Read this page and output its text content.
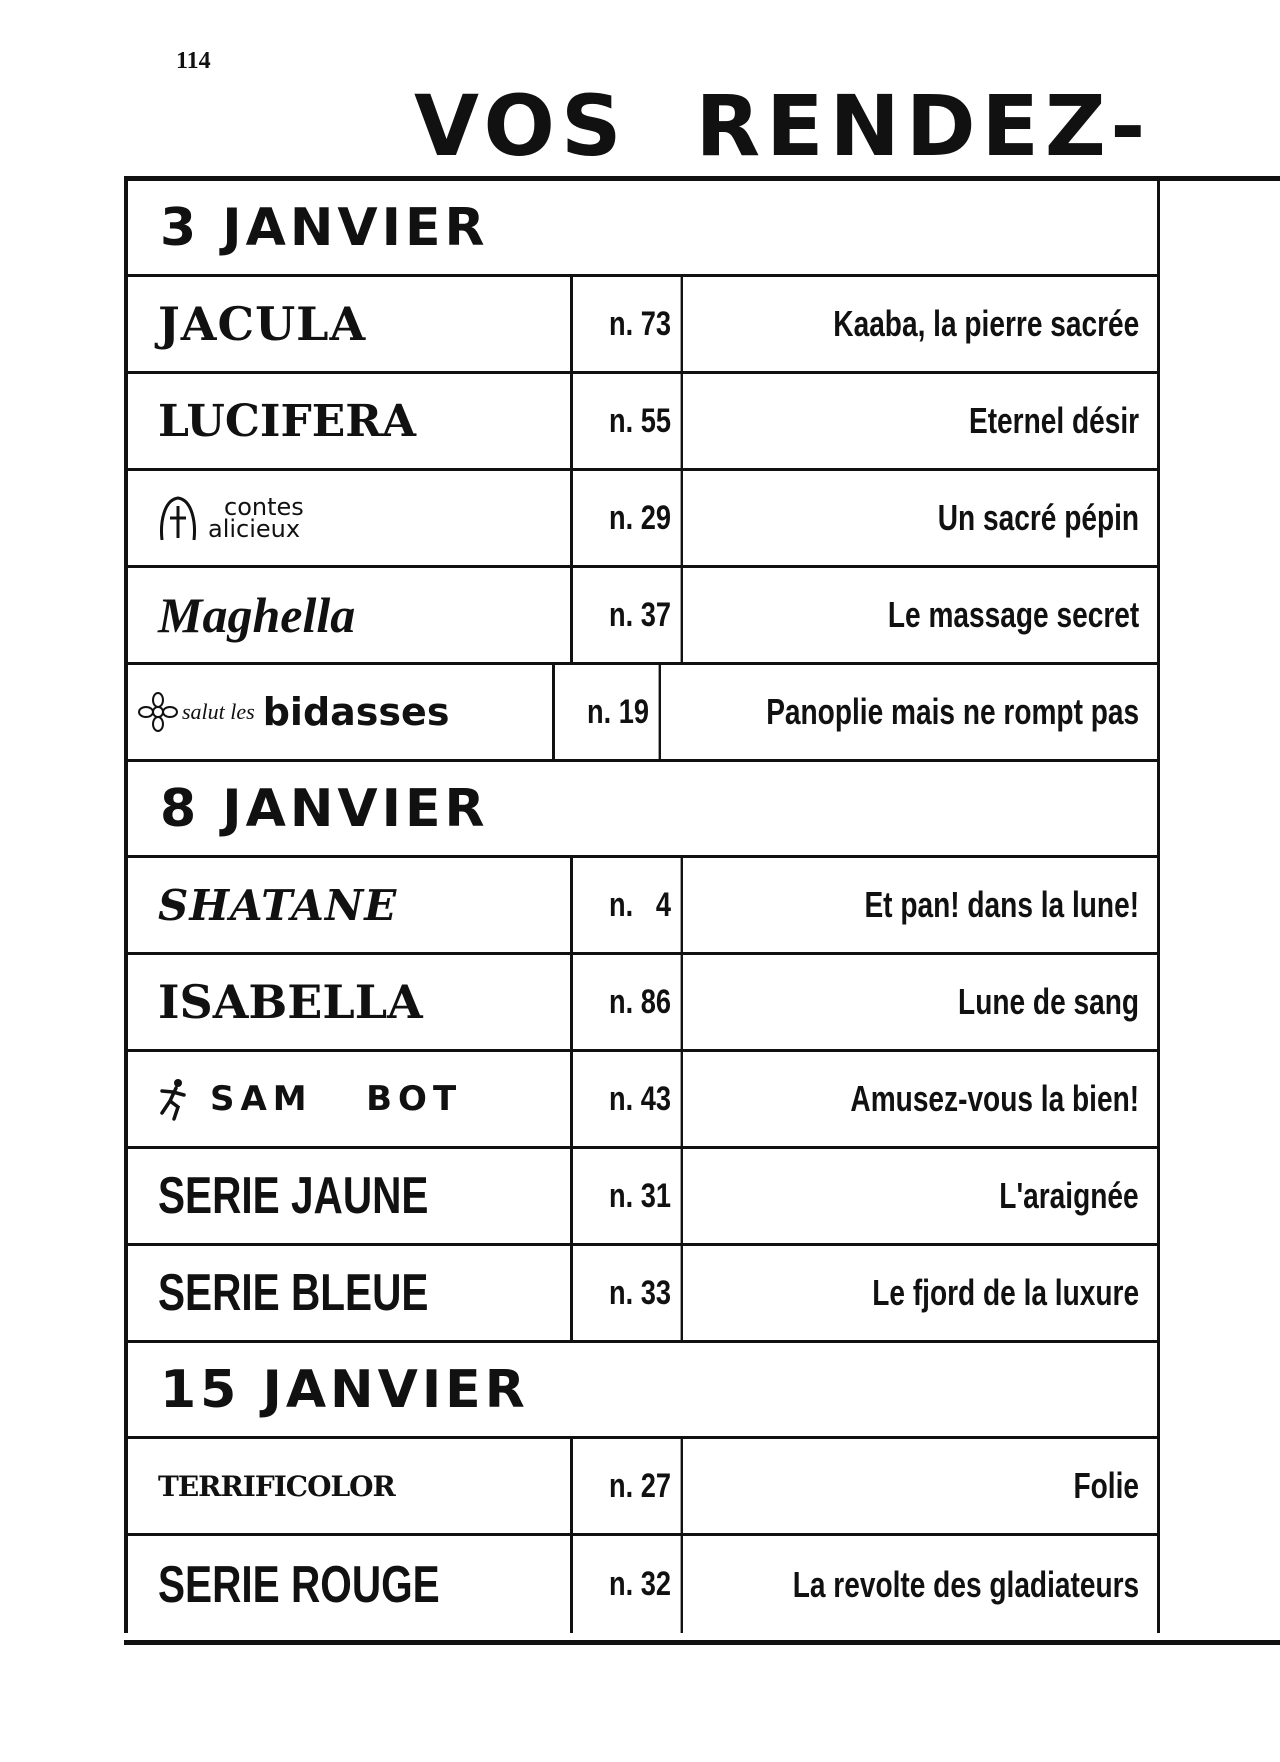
114
VOS RENDEZ-
3 JANVIER
JACULA	n. 73	Kaaba, la pierre sacrée
LUCIFERA	n. 55	Eternel désir
contes
alicieux	n. 29	Un sacré pépin
Maghella	n. 37	Le massage secret
salut les bidasses	n. 19	Panoplie mais ne rompt pas
8 JANVIER
SHATANE	n.   4	Et pan! dans la lune!
ISABELLA	n. 86	Lune de sang
SAM   BOT	n. 43	Amusez-vous la bien!
SERIE JAUNE	n. 31	L'araignée
SERIE BLEUE	n. 33	Le fjord de la luxure
15 JANVIER
TERRIFICOLOR	n. 27	Folie
SERIE ROUGE	n. 32	La revolte des gladiateurs
